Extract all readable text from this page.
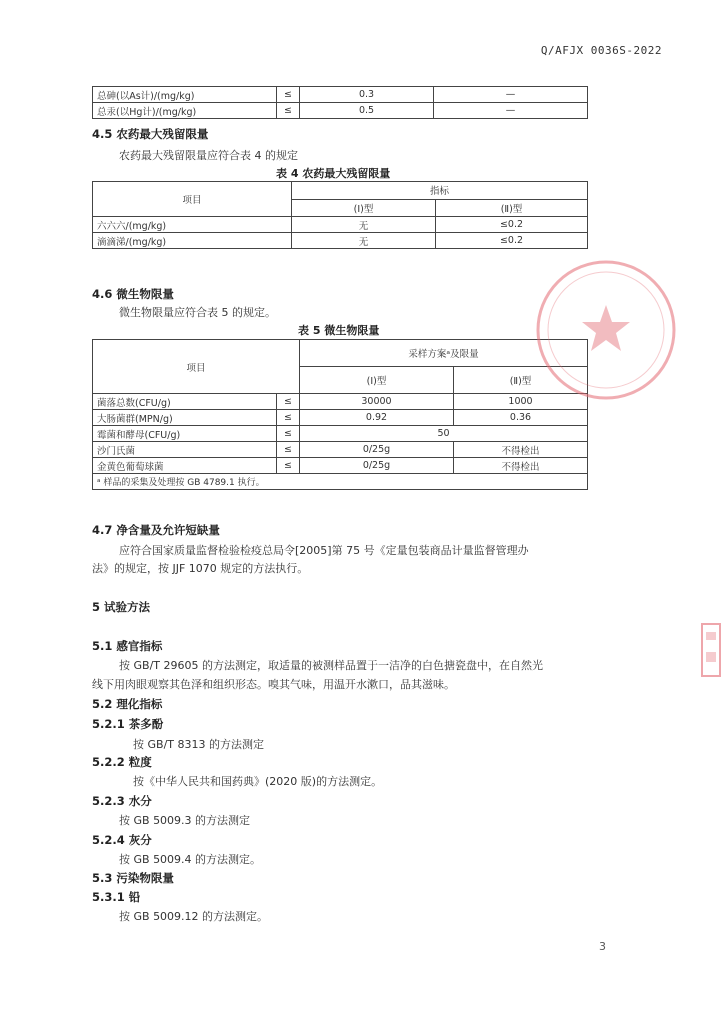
Q/AFJX 0036S-2022
总砷(以As计)/(mg/kg)	≤	0.3	—
总汞(以Hg计)/(mg/kg)	≤	0.5	—
4.5 农药最大残留限量
农药最大残留限量应符合表 4 的规定
表 4 农药最大残留限量
项目	指标	
	(Ⅰ)型	(Ⅱ)型
六六六/(mg/kg)	无	≤0.2
滴滴涕/(mg/kg)	无	≤0.2
4.6 微生物限量
微生物限量应符合表 5 的规定。
表 5 微生物限量
项目		采样方案ᵃ及限量	
		(Ⅰ)型	(Ⅱ)型
菌落总数(CFU/g)	≤	30000	1000
大肠菌群(MPN/g)	≤	0.92	0.36
霉菌和酵母(CFU/g)	≤	50	
沙门氏菌	≤	0/25g	不得检出
金黄色葡萄球菌	≤	0/25g	不得检出
ᵃ 样品的采集及处理按 GB 4789.1 执行。			
4.7 净含量及允许短缺量
应符合国家质量监督检验检疫总局令[2005]第 75 号《定量包装商品计量监督管理办
法》的规定，按 JJF 1070 规定的方法执行。
5 试验方法
5.1 感官指标
按 GB/T 29605 的方法测定，取适量的被测样品置于一洁净的白色搪瓷盘中，在自然光
线下用肉眼观察其色泽和组织形态。嗅其气味，用温开水漱口，品其滋味。
5.2 理化指标
5.2.1 茶多酚
按 GB/T 8313 的方法测定
5.2.2 粒度
按《中华人民共和国药典》(2020 版)的方法测定。
5.2.3 水分
按 GB 5009.3 的方法测定
5.2.4 灰分
按 GB 5009.4 的方法测定。
5.3 污染物限量
5.3.1 铅
按 GB 5009.12 的方法测定。
3
